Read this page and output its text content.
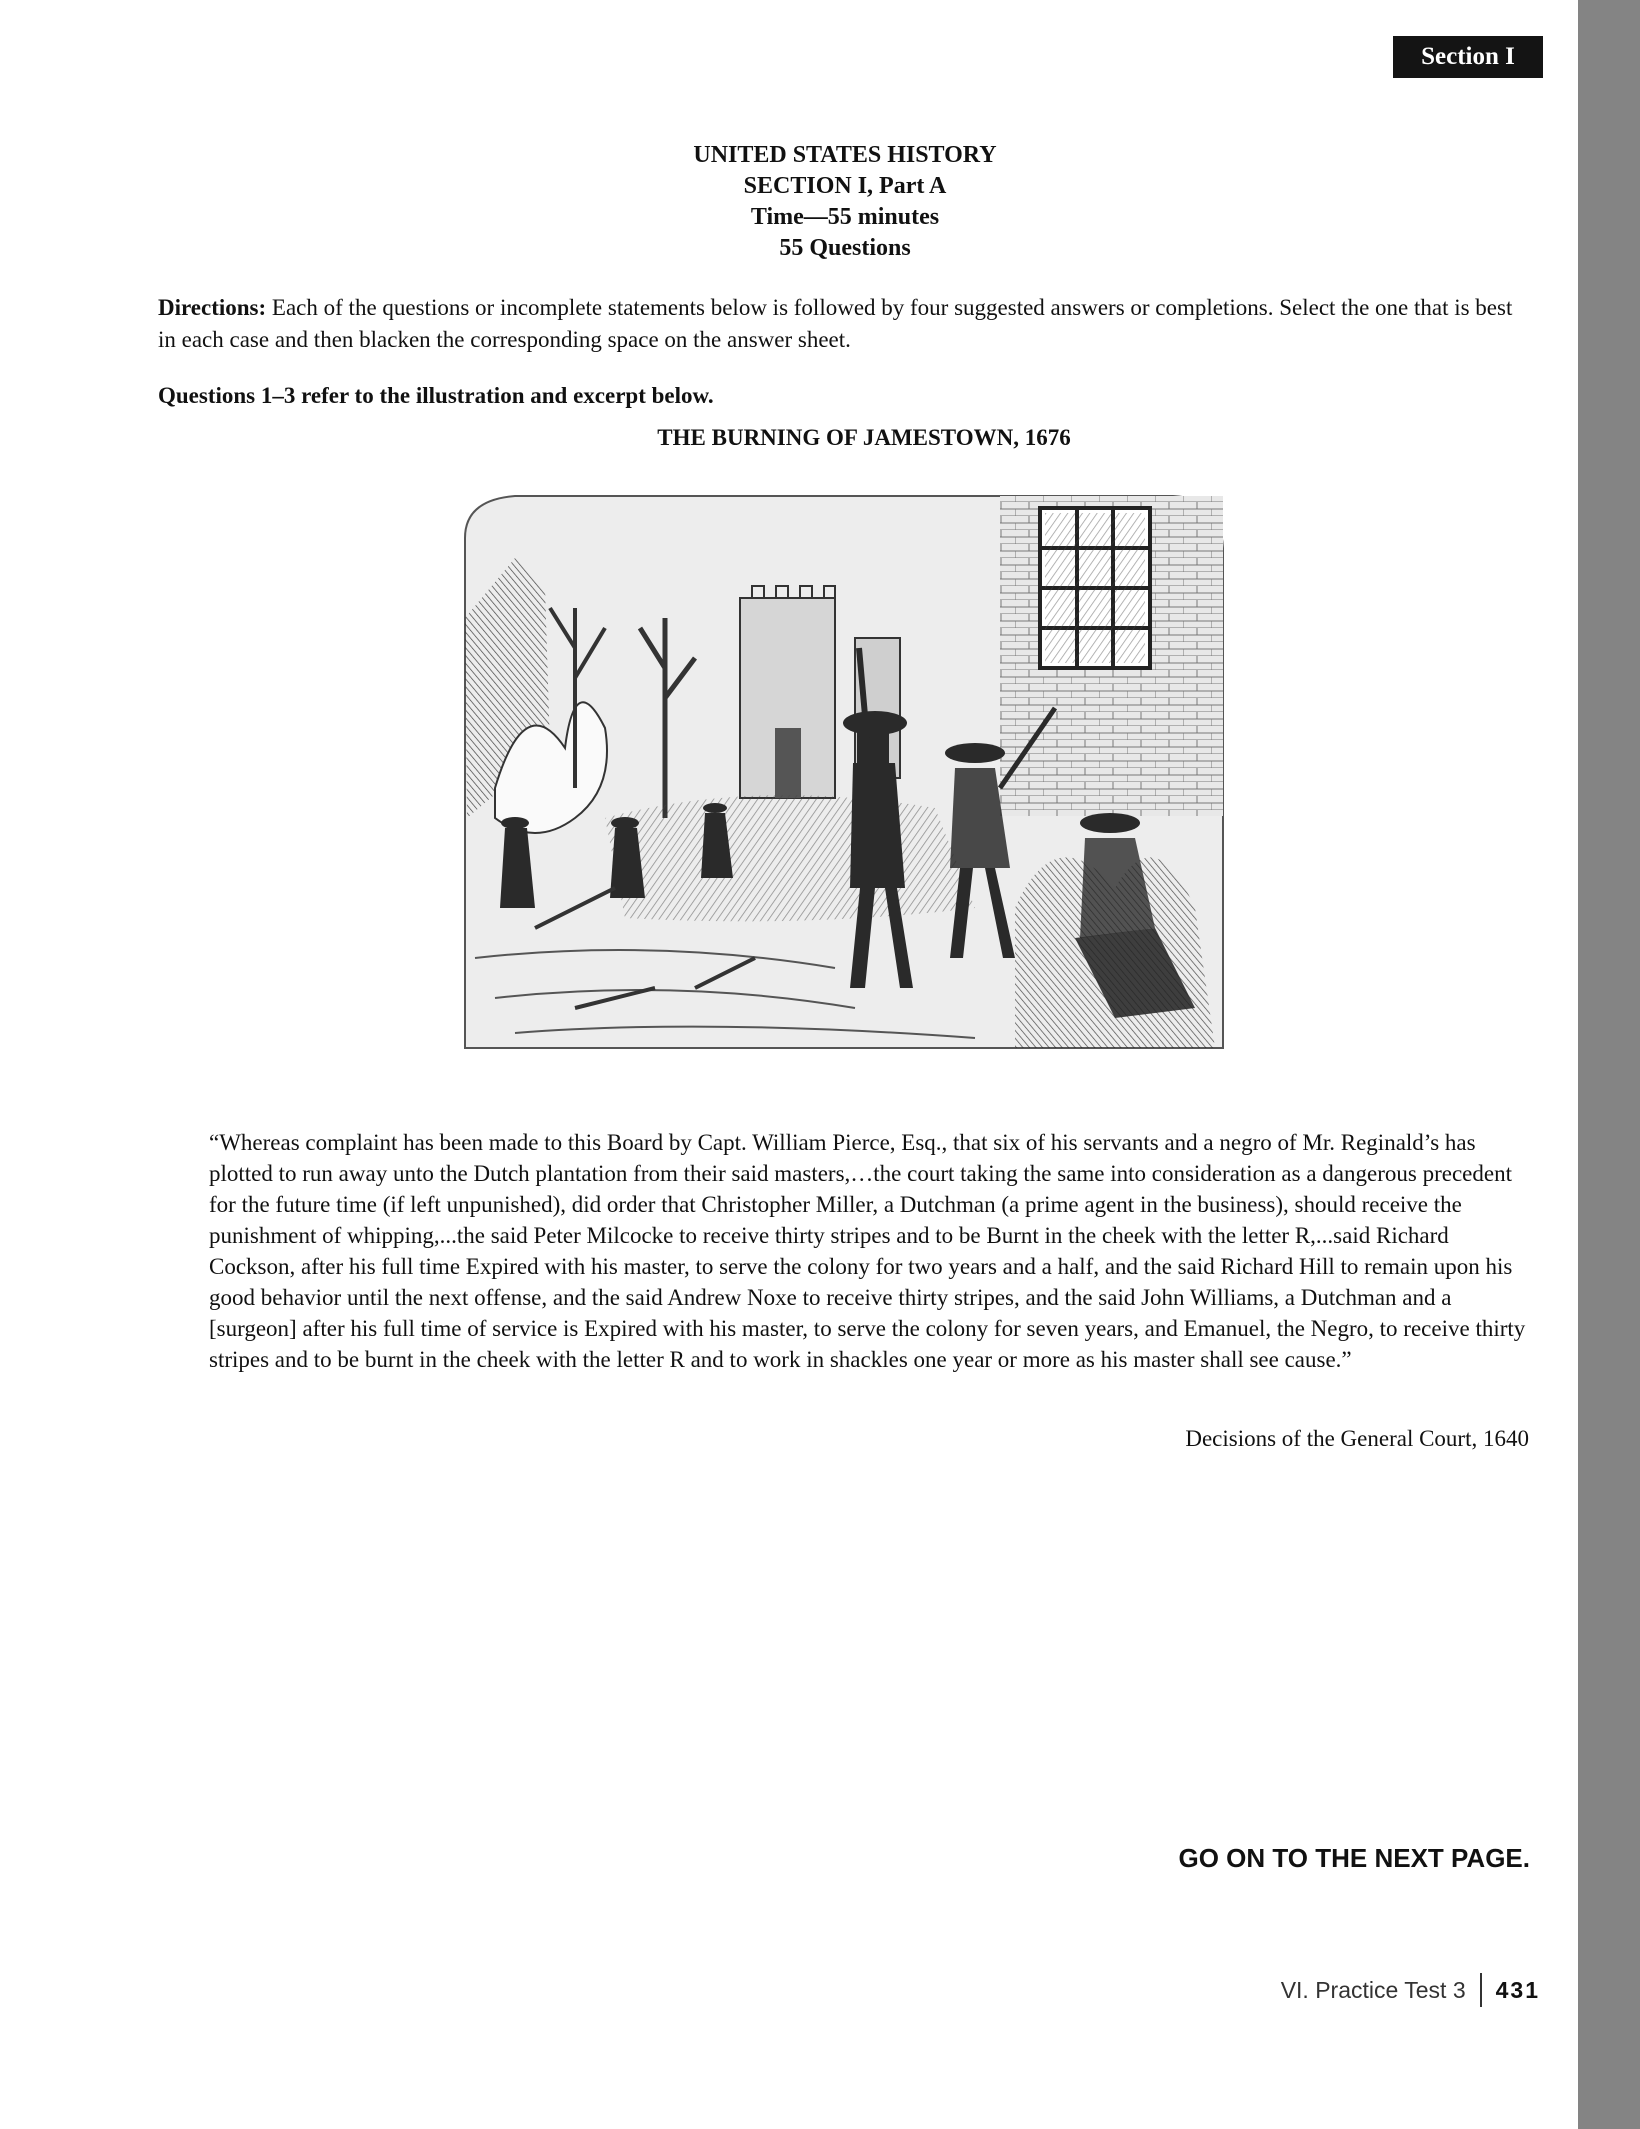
Section I
UNITED STATES HISTORY
SECTION I, Part A
Time—55 minutes
55 Questions
Directions: Each of the questions or incomplete statements below is followed by four suggested answers or completions. Select the one that is best in each case and then blacken the corresponding space on the answer sheet.
Questions 1–3 refer to the illustration and excerpt below.
THE BURNING OF JAMESTOWN, 1676
“Whereas complaint has been made to this Board by Capt. William Pierce, Esq., that six of his servants and a negro of Mr. Reginald’s has plotted to run away unto the Dutch plantation from their said masters,…the court taking the same into consideration as a dangerous precedent for the future time (if left unpunished), did order that Christopher Miller, a Dutchman (a prime agent in the business), should receive the punishment of whipping,...the said Peter Milcocke to receive thirty stripes and to be Burnt in the cheek with the letter R,...said Richard Cockson, after his full time Expired with his master, to serve the colony for two years and a half, and the said Richard Hill to remain upon his good behavior until the next offense, and the said Andrew Noxe to receive thirty stripes, and the said John Williams, a Dutchman and a [surgeon] after his full time of service is Expired with his master, to serve the colony for seven years, and Emanuel, the Negro, to receive thirty stripes and to be burnt in the cheek with the letter R and to work in shackles one year or more as his master shall see cause.”
Decisions of the General Court, 1640
GO ON TO THE NEXT PAGE.
VI. Practice Test 3 431
